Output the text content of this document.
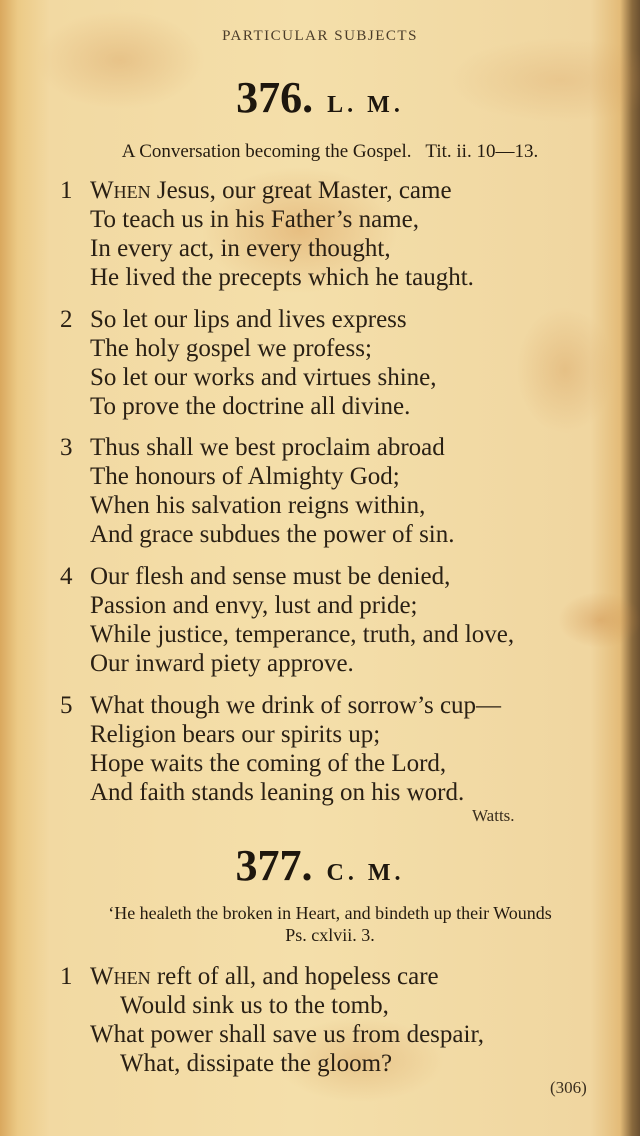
PARTICULAR SUBJECTS
376. L. M.
A Conversation becoming the Gospel.   Tit. ii. 10—13.
1 When Jesus, our great Master, came
To teach us in his Father’s name,
In every act, in every thought,
He lived the precepts which he taught.
2 So let our lips and lives express
The holy gospel we profess;
So let our works and virtues shine,
To prove the doctrine all divine.
3 Thus shall we best proclaim abroad
The honours of Almighty God;
When his salvation reigns within,
And grace subdues the power of sin.
4 Our flesh and sense must be denied,
Passion and envy, lust and pride;
While justice, temperance, truth, and love,
Our inward piety approve.
5 What though we drink of sorrow’s cup—
Religion bears our spirits up;
Hope waits the coming of the Lord,
And faith stands leaning on his word.
Watts.
377. C. M.
‘He healeth the broken in Heart, and bindeth up their Wounds
Ps. cxlvii. 3.
1 When reft of all, and hopeless care
Would sink us to the tomb,
What power shall save us from despair,
What, dissipate the gloom?
(306)
